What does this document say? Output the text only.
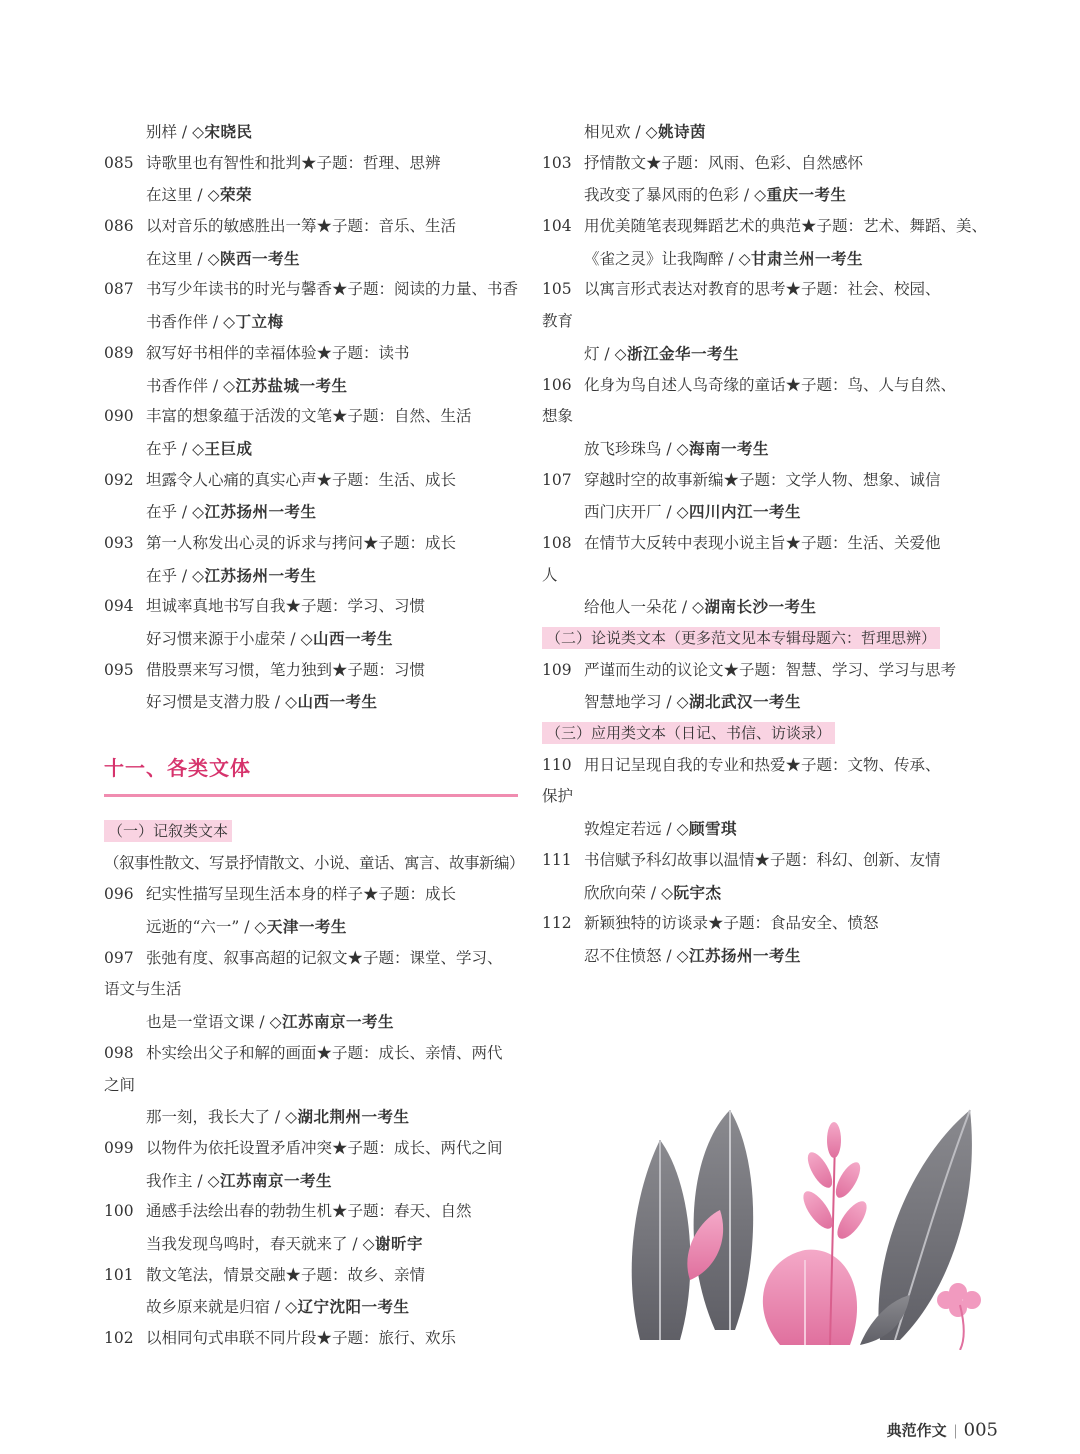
别样 / ◇宋晓民
085 诗歌里也有智性和批判★子题：哲理、思辨
在这里 / ◇荣荣
086 以对音乐的敏感胜出一筹★子题：音乐、生活
在这里 / ◇陕西一考生
087 书写少年读书的时光与馨香★子题：阅读的力量、书香
书香作伴 / ◇丁立梅
089 叙写好书相伴的幸福体验★子题：读书
书香作伴 / ◇江苏盐城一考生
090 丰富的想象蕴于活泼的文笔★子题：自然、生活
在乎 / ◇王巨成
092 坦露令人心痛的真实心声★子题：生活、成长
在乎 / ◇江苏扬州一考生
093 第一人称发出心灵的诉求与拷问★子题：成长
在乎 / ◇江苏扬州一考生
094 坦诚率真地书写自我★子题：学习、习惯
好习惯来源于小虚荣 / ◇山西一考生
095 借股票来写习惯，笔力独到★子题：习惯
好习惯是支潜力股 / ◇山西一考生
十一、各类文体
（一）记叙类文本
（叙事性散文、写景抒情散文、小说、童话、寓言、故事新编）
096 纪实性描写呈现生活本身的样子★子题：成长
远逝的“六一” / ◇天津一考生
097 张弛有度、叙事高超的记叙文★子题：课堂、学习、
语文与生活
也是一堂语文课 / ◇江苏南京一考生
098 朴实绘出父子和解的画面★子题：成长、亲情、两代
之间
那一刻，我长大了 / ◇湖北荆州一考生
099 以物件为依托设置矛盾冲突★子题：成长、两代之间
我作主 / ◇江苏南京一考生
100 通感手法绘出春的勃勃生机★子题：春天、自然
当我发现鸟鸣时，春天就来了 / ◇谢昕宇
101 散文笔法，情景交融★子题：故乡、亲情
故乡原来就是归宿 / ◇辽宁沈阳一考生
102 以相同句式串联不同片段★子题：旅行、欢乐
相见欢 / ◇姚诗茵
103 抒情散文★子题：风雨、色彩、自然感怀
我改变了暴风雨的色彩 / ◇重庆一考生
104 用优美随笔表现舞蹈艺术的典范★子题：艺术、舞蹈、美、
《雀之灵》让我陶醉 / ◇甘肃兰州一考生
105 以寓言形式表达对教育的思考★子题：社会、校园、
教育
灯 / ◇浙江金华一考生
106 化身为鸟自述人鸟奇缘的童话★子题：鸟、人与自然、
想象
放飞珍珠鸟 / ◇海南一考生
107 穿越时空的故事新编★子题：文学人物、想象、诚信
西门庆开厂 / ◇四川内江一考生
108 在情节大反转中表现小说主旨★子题：生活、关爱他
人
给他人一朵花 / ◇湖南长沙一考生
（二）论说类文本（更多范文见本专辑母题六：哲理思辨）
109 严谨而生动的议论文★子题：智慧、学习、学习与思考
智慧地学习 / ◇湖北武汉一考生
（三）应用类文本（日记、书信、访谈录）
110 用日记呈现自我的专业和热爱★子题：文物、传承、
保护
敦煌定若远 / ◇顾雪琪
111 书信赋予科幻故事以温情★子题：科幻、创新、友情
欣欣向荣 / ◇阮宇杰
112 新颖独特的访谈录★子题：食品安全、愤怒
忍不住愤怒 / ◇江苏扬州一考生
典范作文 005
